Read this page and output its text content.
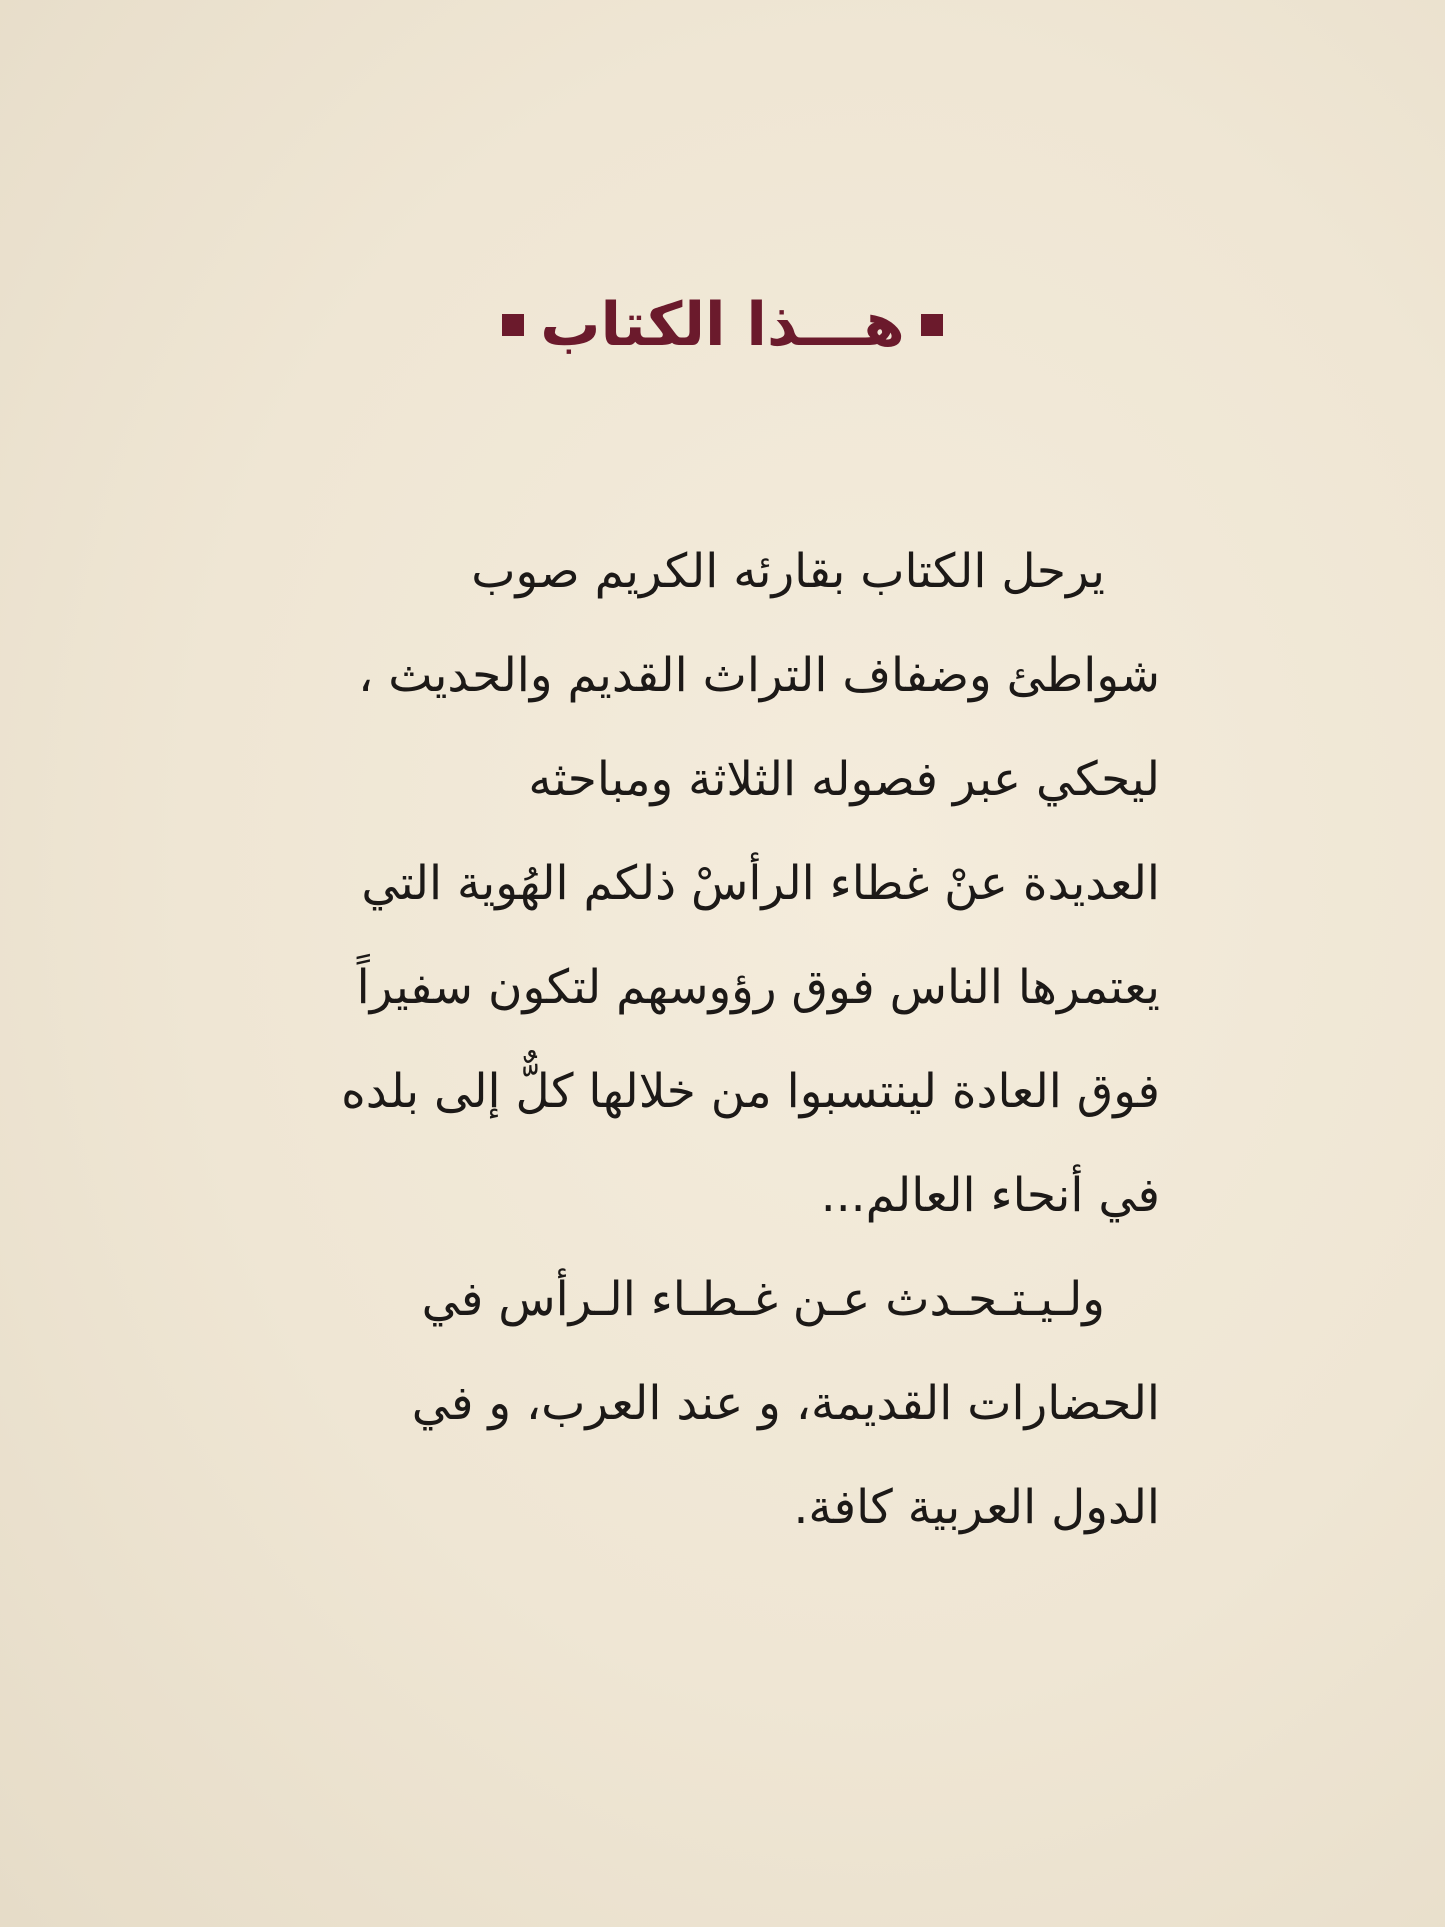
هـــذا الكتاب
يرحل الكتاب بقارئه الكريم صوب
شواطئ وضفاف التراث القديم والحديث ،
ليحكي عبر فصوله الثلاثة ومباحثه
العديدة عنْ غطاء الرأسْ ذلكم الهُوية التي
يعتمرها الناس فوق رؤوسهم لتكون سفيراً
فوق العادة لينتسبوا من خلالها كلٌّ إلى بلده
في أنحاء العالم...
ولـيـتـحـدث عـن غـطـاء الـرأس في
الحضارات القديمة، و عند العرب، و في
الدول العربية كافة.
